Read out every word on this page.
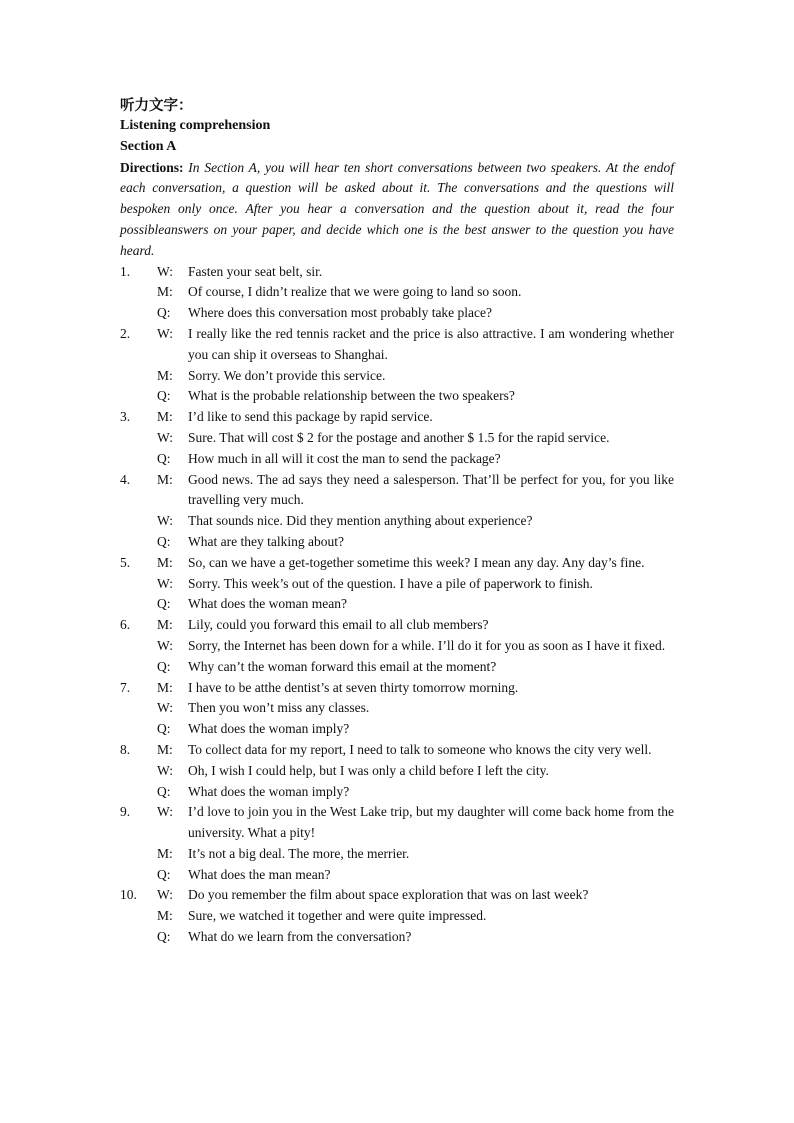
听力文字：
Listening comprehension
Section A

Directions: In Section A, you will hear ten short conversations between two speakers. At the endof each conversation, a question will be asked about it. The conversations and the questions will bespoken only once. After you hear a conversation and the question about it, read the four possibleanswers on your paper, and decide which one is the best answer to the question you have heard.

1.	W:	Fasten your seat belt, sir.
M:	Of course, I didn’t realize that we were going to land so soon.
Q:	Where does this conversation most probably take place?
2.	W:	I really like the red tennis racket and the price is also attractive. I am wondering whether you can ship it overseas to Shanghai.
M:	Sorry. We don’t provide this service.
Q:	What is the probable relationship between the two speakers?
3.	M:	I’d like to send this package by rapid service.
W:	Sure. That will cost $ 2 for the postage and another $ 1.5 for the rapid service.
Q:	How much in all will it cost the man to send the package?
4.	M:	Good news. The ad says they need a salesperson. That’ll be perfect for you, for you like travelling very much.
W:	That sounds nice. Did they mention anything about experience?
Q:	What are they talking about?
5.	M:	So, can we have a get-together sometime this week? I mean any day. Any day’s fine.
W:	Sorry. This week’s out of the question. I have a pile of paperwork to finish.
Q:	What does the woman mean?
6.	M:	Lily, could you forward this email to all club members?
W:	Sorry, the Internet has been down for a while. I’ll do it for you as soon as I have it fixed.
Q:	Why can’t the woman forward this email at the moment?
7.	M:	I have to be atthe dentist’s at seven thirty tomorrow morning.
W:	Then you won’t miss any classes.
Q:	What does the woman imply?
8.	M:	To collect data for my report, I need to talk to someone who knows the city very well.
W:	Oh, I wish I could help, but I was only a child before I left the city.
Q:	What does the woman imply?
9.	W:	I’d love to join you in the West Lake trip, but my daughter will come back home from the university. What a pity!
M:	It’s not a big deal. The more, the merrier.
Q:	What does the man mean?
10.	W:	Do you remember the film about space exploration that was on last week?
M:	Sure, we watched it together and were quite impressed.
Q:	What do we learn from the conversation?
